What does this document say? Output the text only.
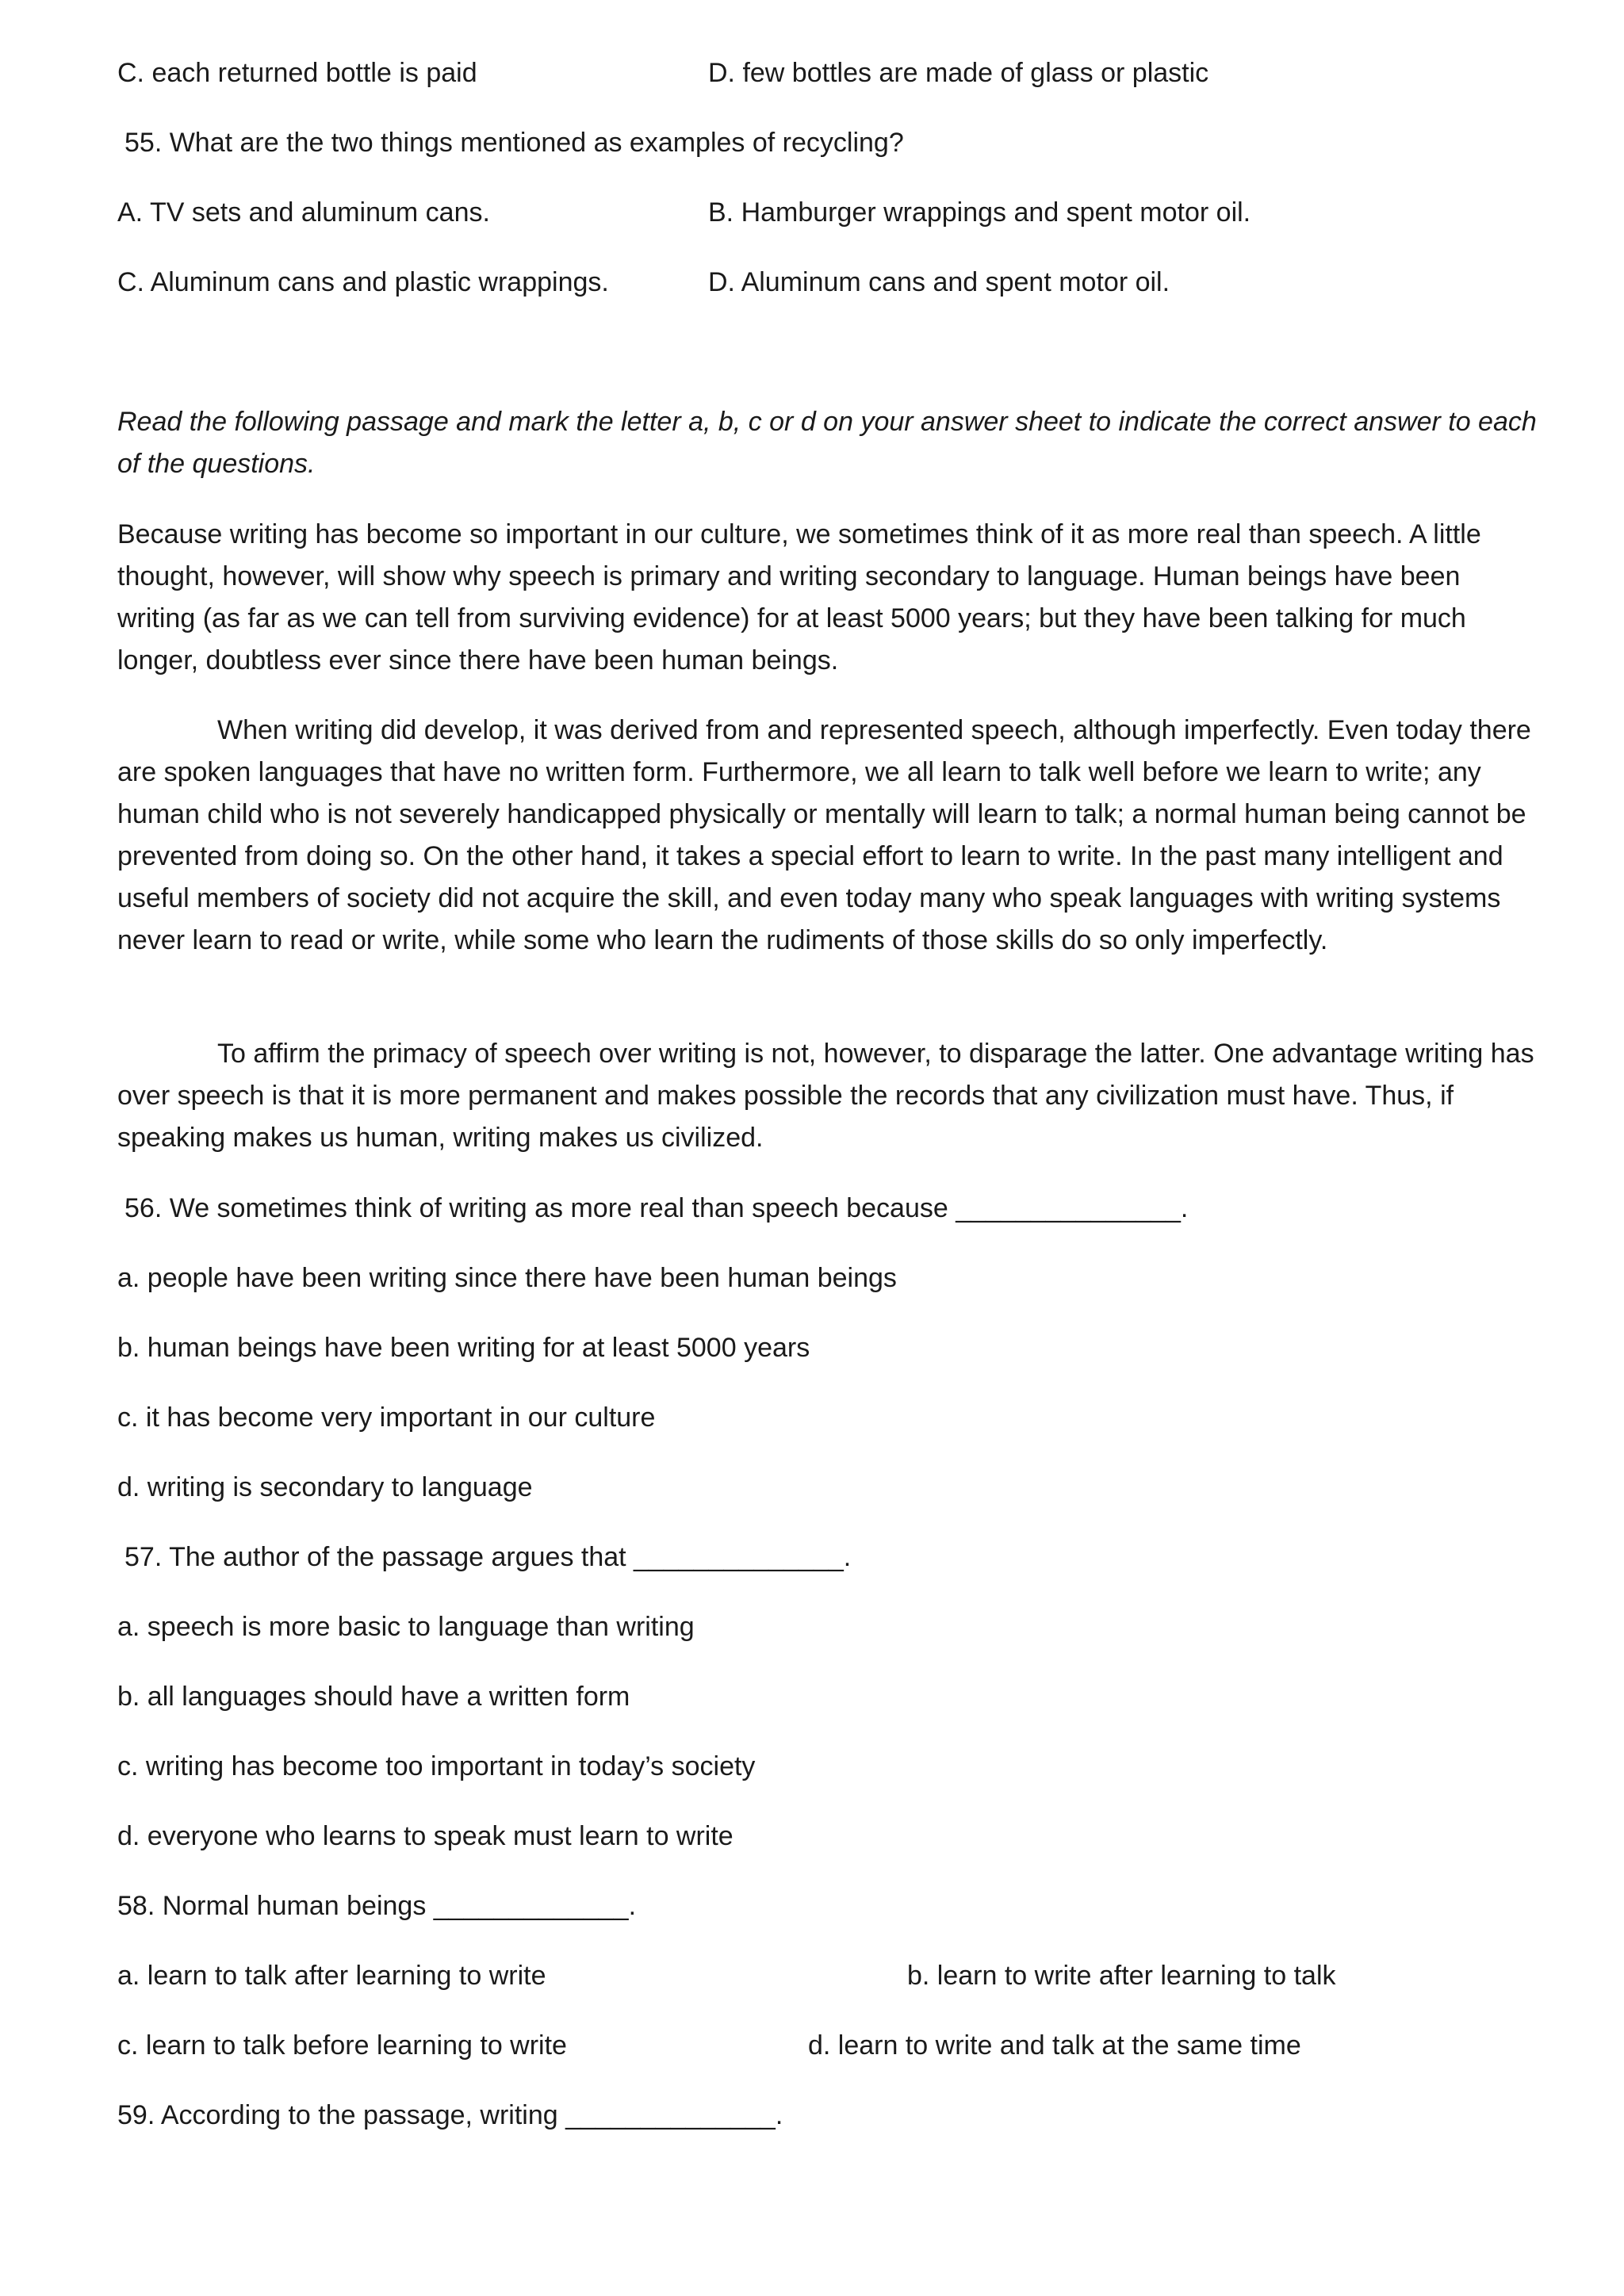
C. each returned bottle is paid	D. few bottles are made of glass or plastic
55. What are the two things mentioned as examples of recycling?
A. TV sets and aluminum cans.	B. Hamburger wrappings and spent motor oil.
C. Aluminum cans and plastic wrappings.	D. Aluminum cans and spent motor oil.
Read the following passage and mark the letter a, b, c or d on your answer sheet to indicate the correct answer to each of the questions.
Because writing has become so important in our culture, we sometimes think of it as more real than speech. A little thought, however, will show why speech is primary and writing secondary to language. Human beings have been writing (as far as we can tell from surviving evidence) for at least 5000 years; but they have been talking for much longer, doubtless ever since there have been human beings.
When writing did develop, it was derived from and represented speech, although imperfectly. Even today there are spoken languages that have no written form. Furthermore, we all learn to talk well before we learn to write; any human child who is not severely handicapped physically or mentally will learn to talk; a normal human being cannot be prevented from doing so. On the other hand, it takes a special effort to learn to write. In the past many intelligent and useful members of society did not acquire the skill, and even today many who speak languages with writing systems never learn to read or write, while some who learn the rudiments of those skills do so only imperfectly.
To affirm the primacy of speech over writing is not, however, to disparage the latter. One advantage writing has over speech is that it is more permanent and makes possible the records that any civilization must have. Thus, if speaking makes us human, writing makes us civilized.
56. We sometimes think of writing as more real than speech because _______________.
a. people have been writing since there have been human beings
b. human beings have been writing for at least 5000 years
c. it has become very important in our culture
d. writing is secondary to language
57. The author of the passage argues that ______________.
a. speech is more basic to language than writing
b. all languages should have a written form
c. writing has become too important in today’s society
d. everyone who learns to speak must learn to write
58. Normal human beings _____________.
a. learn to talk after learning to write	b. learn to write after learning to talk
c. learn to talk before learning to write	d. learn to write and talk at the same time
59. According to the passage, writing ______________.
